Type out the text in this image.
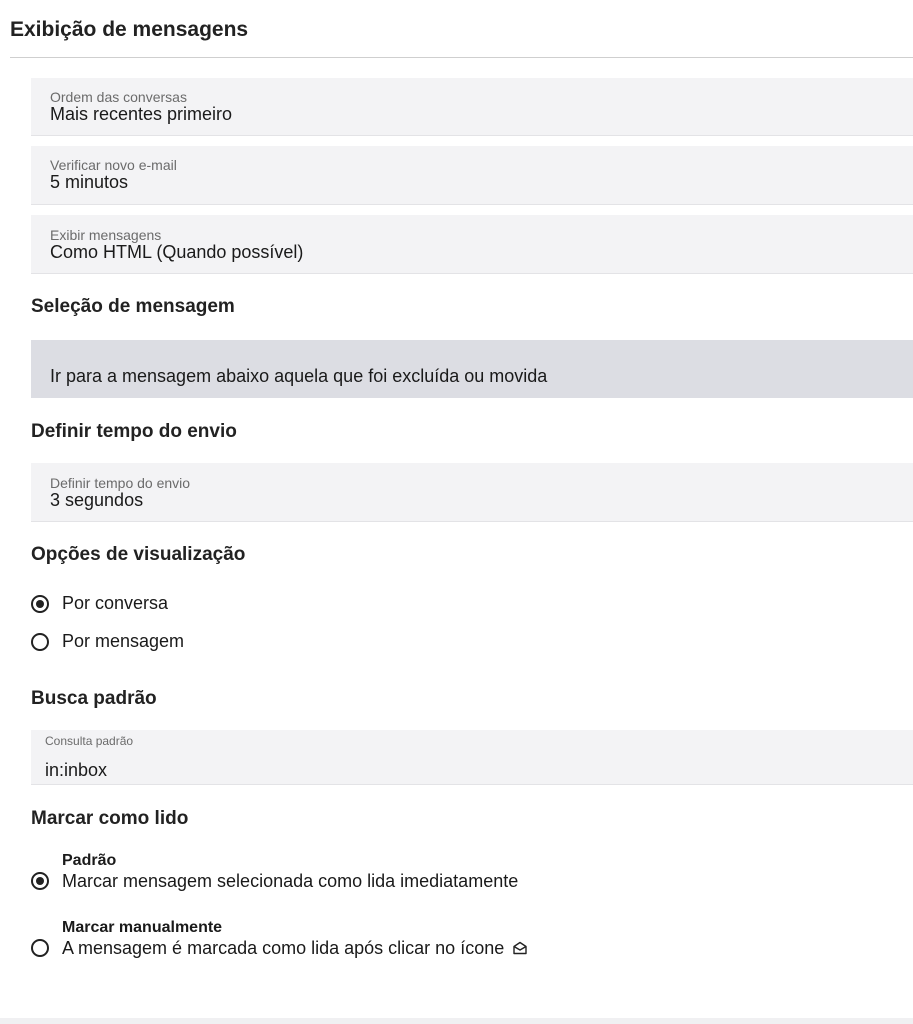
Exibição de mensagens
Ordem das conversas
Mais recentes primeiro
Verificar novo e-mail
5 minutos
Exibir mensagens
Como HTML (Quando possível)
Seleção de mensagem
Ir para a mensagem abaixo aquela que foi excluída ou movida
Definir tempo do envio
Definir tempo do envio
3 segundos
Opções de visualização
Por conversa
Por mensagem
Busca padrão
Consulta padrão
in:inbox
Marcar como lido
Padrão
Marcar mensagem selecionada como lida imediatamente
Marcar manualmente
A mensagem é marcada como lida após clicar no ícone
